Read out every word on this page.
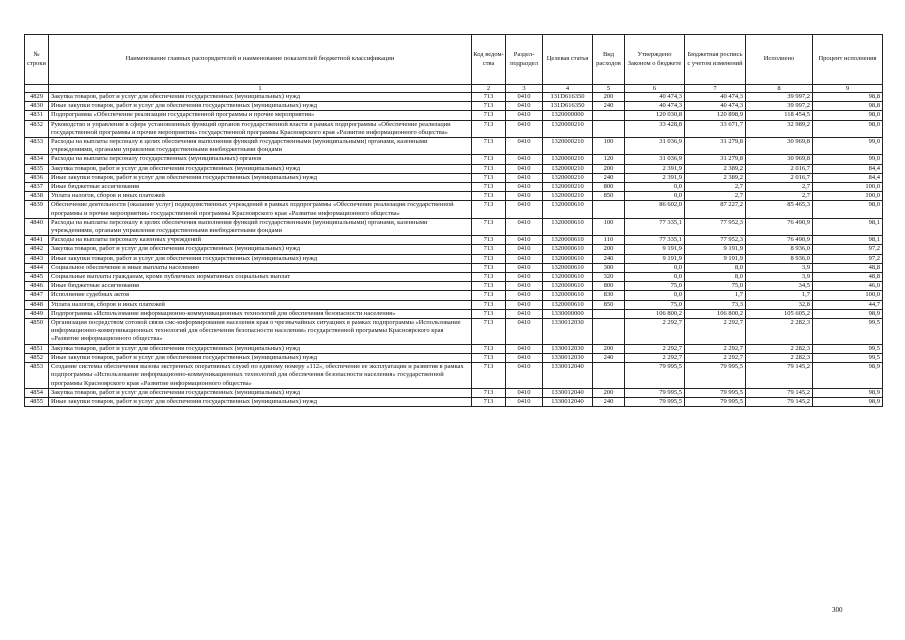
№ строки	Наименование главных распорядителей и наименование показателей бюджетной классификации	Код ведом-ства	Раздел-подраздел	Целевая статья	Вид расходов	Утверждено Законом о бюджете	Бюджетная роспись с учетом изменений	Исполнено	Процент исполнения
	1	2	3	4	5	6	7	8	9
4829	Закупка товаров, работ и услуг для обеспечения государственных (муниципальных) нужд	713	0410	131D616350	200	40 474,3	40 474,3	39 997,2	98,8
4830	Иные закупки товаров, работ и услуг для обеспечения государственных (муниципальных) нужд	713	0410	131D616350	240	40 474,3	40 474,3	39 997,2	98,8
4831	Подпрограмма «Обеспечение реализации государственной программы и прочие мероприятия»	713	0410	1320000000		120 030,8	120 898,9	118 454,5	98,0
4832	Руководство и управление в сфере установленных функций органов государственной власти в рамках подпрограммы «Обеспечение реализации государственной программы и прочие мероприятия» государственной программы Красноярского края «Развитие информационного общества»	713	0410	1320000210		33 428,8	33 671,7	32 989,2	98,0
4833	Расходы на выплаты персоналу в целях обеспечения выполнения функций государственными (муниципальными) органами, казенными учреждениями, органами управления государственными внебюджетными фондами	713	0410	1320000210	100	31 036,9	31 279,8	30 969,8	99,0
4834	Расходы на выплаты персоналу государственных (муниципальных) органов	713	0410	1320000210	120	31 036,9	31 279,8	30 969,8	99,0
4835	Закупка товаров, работ и услуг для обеспечения государственных (муниципальных) нужд	713	0410	1320000210	200	2 391,9	2 389,2	2 016,7	84,4
4836	Иные закупки товаров, работ и услуг для обеспечения государственных (муниципальных) нужд	713	0410	1320000210	240	2 391,9	2 389,2	2 016,7	84,4
4837	Иные бюджетные ассигнования	713	0410	1320000210	800	0,0	2,7	2,7	100,0
4838	Уплата налогов, сборов и иных платежей	713	0410	1320000210	850	0,0	2,7	2,7	100,0
4839	Обеспечение деятельности (оказание услуг) подведомственных учреждений в рамках подпрограммы «Обеспечение реализации государственной программы и прочие мероприятия» государственной программы Красноярского края «Развитие информационного общества»	713	0410	1320000610		86 602,0	87 227,2	85 465,3	98,0
4840	Расходы на выплаты персоналу в целях обеспечения выполнения функций государственными (муниципальными) органами, казенными учреждениями, органами управления государственными внебюджетными фондами	713	0410	1320000610	100	77 335,1	77 952,3	76 490,9	98,1
4841	Расходы на выплаты персоналу казенных учреждений	713	0410	1320000610	110	77 335,1	77 952,3	76 490,9	98,1
4842	Закупка товаров, работ и услуг для обеспечения государственных (муниципальных) нужд	713	0410	1320000610	200	9 191,9	9 191,9	8 936,0	97,2
4843	Иные закупки товаров, работ и услуг для обеспечения государственных (муниципальных) нужд	713	0410	1320000610	240	9 191,9	9 191,9	8 936,0	97,2
4844	Социальное обеспечение и иные выплаты населению	713	0410	1320000610	300	0,0	8,0	3,9	48,8
4845	Социальные выплаты гражданам, кроме публичных нормативных социальных выплат	713	0410	1320000610	320	0,0	8,0	3,9	48,8
4846	Иные бюджетные ассигнования	713	0410	1320000610	800	75,0	75,0	34,5	46,0
4847	Исполнение судебных актов	713	0410	1320000610	830	0,0	1,7	1,7	100,0
4848	Уплата налогов, сборов и иных платежей	713	0410	1320000610	850	75,0	73,3	32,8	44,7
4849	Подпрограмма «Использование информационно-коммуникационных технологий для обеспечения безопасности населения»	713	0410	1330000000		106 800,2	106 800,2	105 605,2	98,9
4850	Организация посредством сотовой связи смс-информирования населения края о чрезвычайных ситуациях в рамках подпрограммы «Использование информационно-коммуникационных технологий для обеспечения безопасности населения» государственной программы Красноярского края «Развитие информационного общества»	713	0410	1330012030		2 292,7	2 292,7	2 282,3	99,5
4851	Закупка товаров, работ и услуг для обеспечения государственных (муниципальных) нужд	713	0410	1330012030	200	2 292,7	2 292,7	2 282,3	99,5
4852	Иные закупки товаров, работ и услуг для обеспечения государственных (муниципальных) нужд	713	0410	1330012030	240	2 292,7	2 292,7	2 282,3	99,5
4853	Создание системы обеспечения вызова экстренных оперативных служб по единому номеру «112», обеспечение ее эксплуатации и развития в рамках подпрограммы «Использование информационно-коммуникационных технологий для обеспечения безопасности населения» государственной программы Красноярского края «Развитие информационного общества»	713	0410	1330012040		79 995,5	79 995,5	79 145,2	98,9
4854	Закупка товаров, работ и услуг для обеспечения государственных (муниципальных) нужд	713	0410	1330012040	200	79 995,5	79 995,5	79 145,2	98,9
4855	Иные закупки товаров, работ и услуг для обеспечения государственных (муниципальных) нужд	713	0410	1330012040	240	79 995,5	79 995,5	79 145,2	98,9
300
